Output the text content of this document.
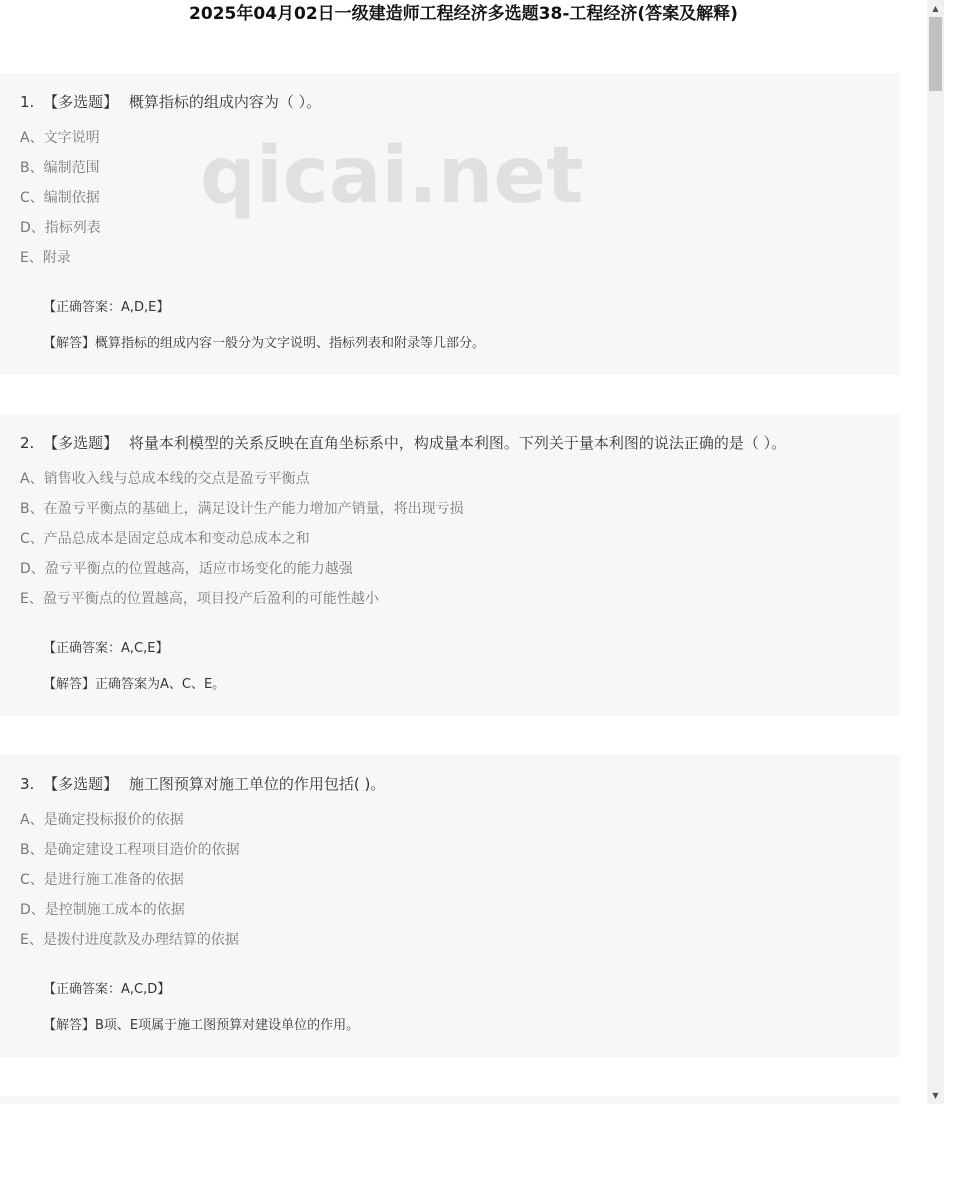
2025年04月02日一级建造师工程经济多选题38-工程经济(答案及解释)
qicai.net
1. 【多选题】 概算指标的组成内容为（ ）。
A、文字说明
B、编制范围
C、编制依据
D、指标列表
E、附录
【正确答案：A,D,E】
【解答】概算指标的组成内容一般分为文字说明、指标列表和附录等几部分。
2. 【多选题】 将量本利模型的关系反映在直角坐标系中，构成量本利图。下列关于量本利图的说法正确的是（ ）。
A、销售收入线与总成本线的交点是盈亏平衡点
B、在盈亏平衡点的基础上，满足设计生产能力增加产销量，将出现亏损
C、产品总成本是固定总成本和变动总成本之和
D、盈亏平衡点的位置越高，适应市场变化的能力越强
E、盈亏平衡点的位置越高，项目投产后盈利的可能性越小
【正确答案：A,C,E】
【解答】正确答案为A、C、E。
3. 【多选题】 施工图预算对施工单位的作用包括( )。
A、是确定投标报价的依据
B、是确定建设工程项目造价的依据
C、是进行施工准备的依据
D、是控制施工成本的依据
E、是拨付进度款及办理结算的依据
【正确答案：A,C,D】
【解答】B项、E项属于施工图预算对建设单位的作用。
▲
▼
